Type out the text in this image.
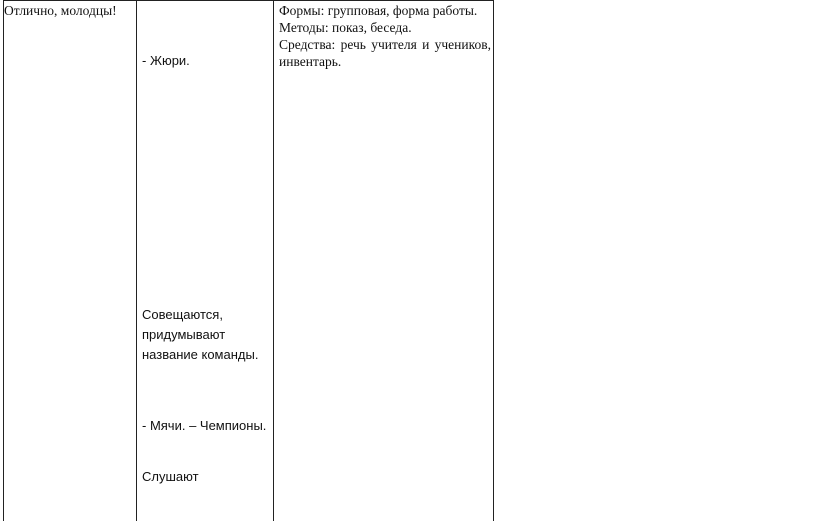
Отлично, молодцы!
- Жюри.
Совещаются, придумывают название команды.
- Мячи. – Чемпионы.
Слушают
Формы: групповая, форма работы.
Методы: показ, беседа.
Средства: речь учителя и учеников, инвентарь.
